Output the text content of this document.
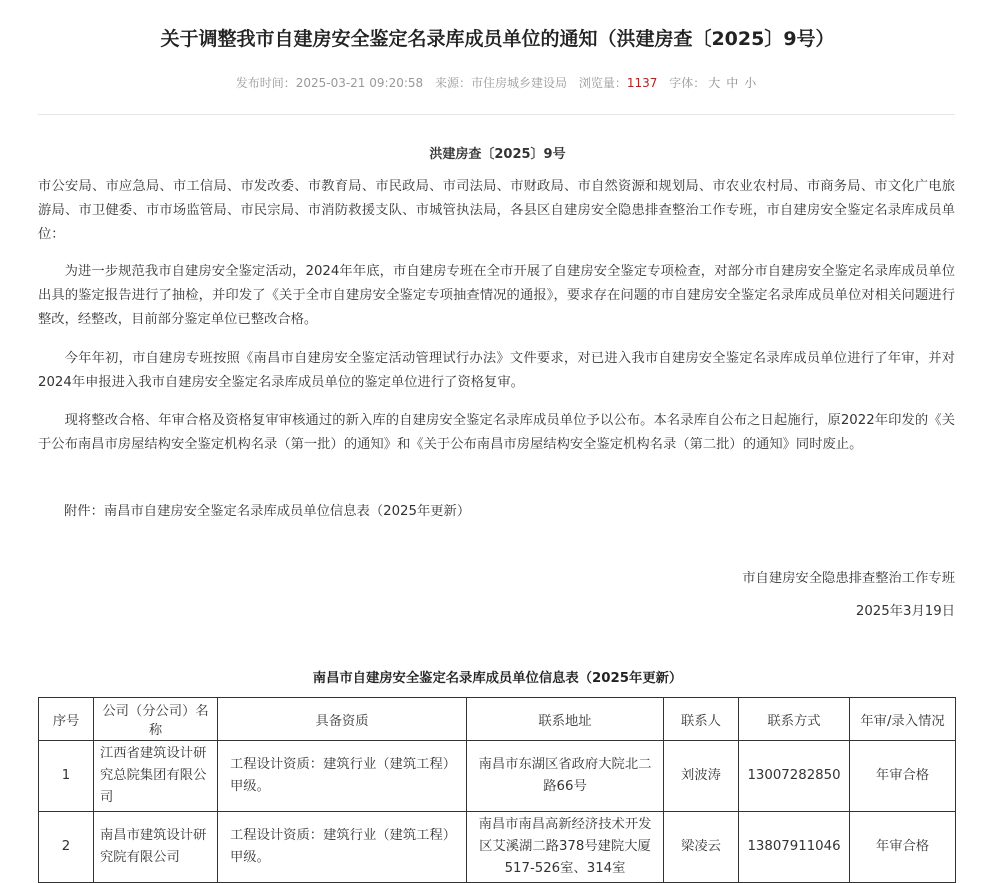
关于调整我市自建房安全鉴定名录库成员单位的通知（洪建房查〔2025〕9号）
发布时间：2025-03-21 09:20:58 来源：市住房城乡建设局 浏览量：1137 字体： 大 中 小
洪建房查〔2025〕9号
市公安局、市应急局、市工信局、市发改委、市教育局、市民政局、市司法局、市财政局、市自然资源和规划局、市农业农村局、市商务局、市文化广电旅游局、市卫健委、市市场监管局、市民宗局、市消防救援支队、市城管执法局，各县区自建房安全隐患排查整治工作专班，市自建房安全鉴定名录库成员单位：
为进一步规范我市自建房安全鉴定活动，2024年年底，市自建房专班在全市开展了自建房安全鉴定专项检查，对部分市自建房安全鉴定名录库成员单位出具的鉴定报告进行了抽检，并印发了《关于全市自建房安全鉴定专项抽查情况的通报》，要求存在问题的市自建房安全鉴定名录库成员单位对相关问题进行整改，经整改，目前部分鉴定单位已整改合格。
今年年初，市自建房专班按照《南昌市自建房安全鉴定活动管理试行办法》文件要求，对已进入我市自建房安全鉴定名录库成员单位进行了年审，并对2024年申报进入我市自建房安全鉴定名录库成员单位的鉴定单位进行了资格复审。
现将整改合格、年审合格及资格复审审核通过的新入库的自建房安全鉴定名录库成员单位予以公布。本名录库自公布之日起施行，原2022年印发的《关于公布南昌市房屋结构安全鉴定机构名录（第一批）的通知》和《关于公布南昌市房屋结构安全鉴定机构名录（第二批）的通知》同时废止。
附件：南昌市自建房安全鉴定名录库成员单位信息表（2025年更新）
市自建房安全隐患排查整治工作专班
2025年3月19日
南昌市自建房安全鉴定名录库成员单位信息表（2025年更新）
序号	公司（分公司）名称	具备资质	联系地址	联系人	联系方式	年审/录入情况
1	江西省建筑设计研究总院集团有限公司	工程设计资质：建筑行业（建筑工程）甲级。	南昌市东湖区省政府大院北二路66号	刘波涛	13007282850	年审合格
2	南昌市建筑设计研究院有限公司	工程设计资质：建筑行业（建筑工程）甲级。	南昌市南昌高新经济技术开发区艾溪湖二路378号建院大厦517-526室、314室	梁凌云	13807911046	年审合格
